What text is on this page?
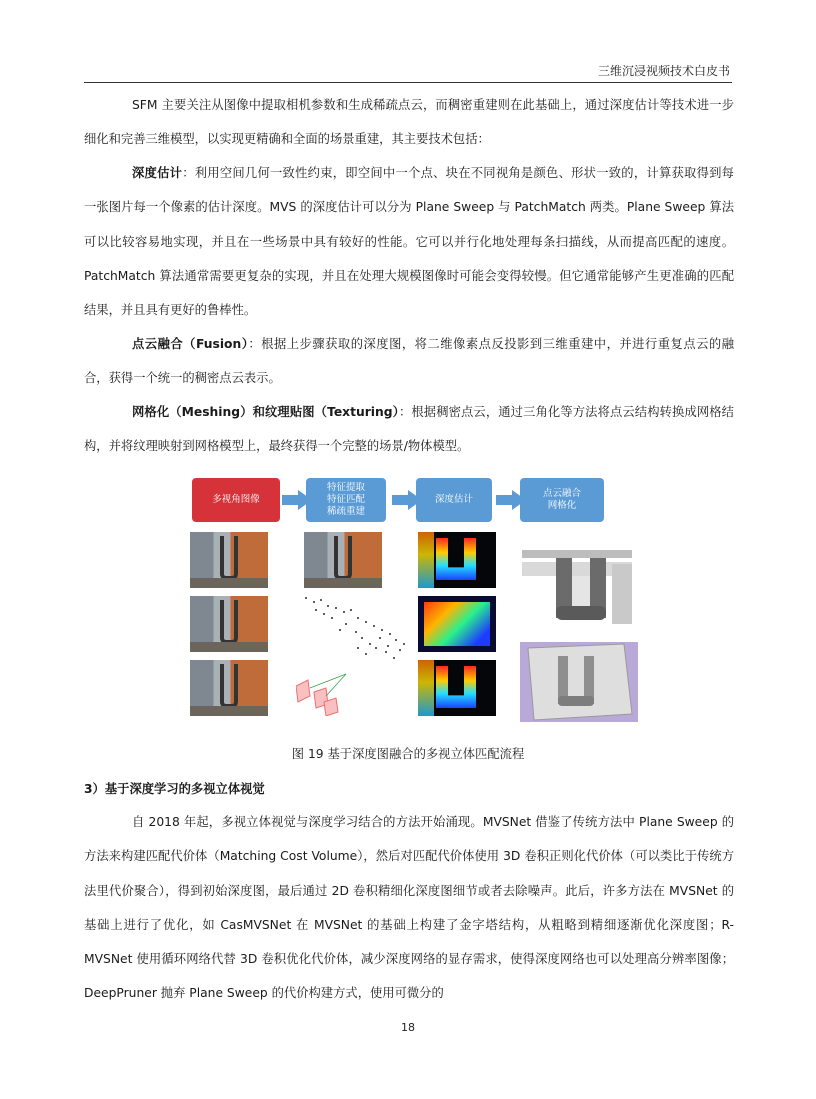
三维沉浸视频技术白皮书

SFM 主要关注从图像中提取相机参数和生成稀疏点云，而稠密重建则在此基础上，通过深度估计等技术进一步细化和完善三维模型，以实现更精确和全面的场景重建，其主要技术包括：

深度估计：利用空间几何一致性约束，即空间中一个点、块在不同视角是颜色、形状一致的，计算获取得到每一张图片每一个像素的估计深度。MVS 的深度估计可以分为 Plane Sweep 与 PatchMatch 两类。Plane Sweep 算法可以比较容易地实现，并且在一些场景中具有较好的性能。它可以并行化地处理每条扫描线，从而提高匹配的速度。PatchMatch 算法通常需要更复杂的实现，并且在处理大规模图像时可能会变得较慢。但它通常能够产生更准确的匹配结果，并且具有更好的鲁棒性。

点云融合（Fusion）：根据上步骤获取的深度图，将二维像素点反投影到三维重建中，并进行重复点云的融合，获得一个统一的稠密点云表示。

网格化（Meshing）和纹理贴图（Texturing）：根据稠密点云，通过三角化等方法将点云结构转换成网格结构，并将纹理映射到网格模型上，最终获得一个完整的场景/物体模型。

多视角图像
特征提取
特征匹配
稀疏重建
深度估计
点云融合
网格化
图 19 基于深度图融合的多视立体匹配流程
3）基于深度学习的多视立体视觉

自 2018 年起，多视立体视觉与深度学习结合的方法开始涌现。MVSNet 借鉴了传统方法中 Plane Sweep 的方法来构建匹配代价体（Matching Cost Volume），然后对匹配代价体使用 3D 卷积正则化代价体（可以类比于传统方法里代价聚合），得到初始深度图，最后通过 2D 卷积精细化深度图细节或者去除噪声。此后，许多方法在 MVSNet 的基础上进行了优化，如 CasMVSNet 在 MVSNet 的基础上构建了金字塔结构，从粗略到精细逐渐优化深度图；R-MVSNet 使用循环网络代替 3D 卷积优化代价体，减少深度网络的显存需求，使得深度网络也可以处理高分辨率图像；DeepPruner 抛弃 Plane Sweep 的代价构建方式，使用可微分的

18
